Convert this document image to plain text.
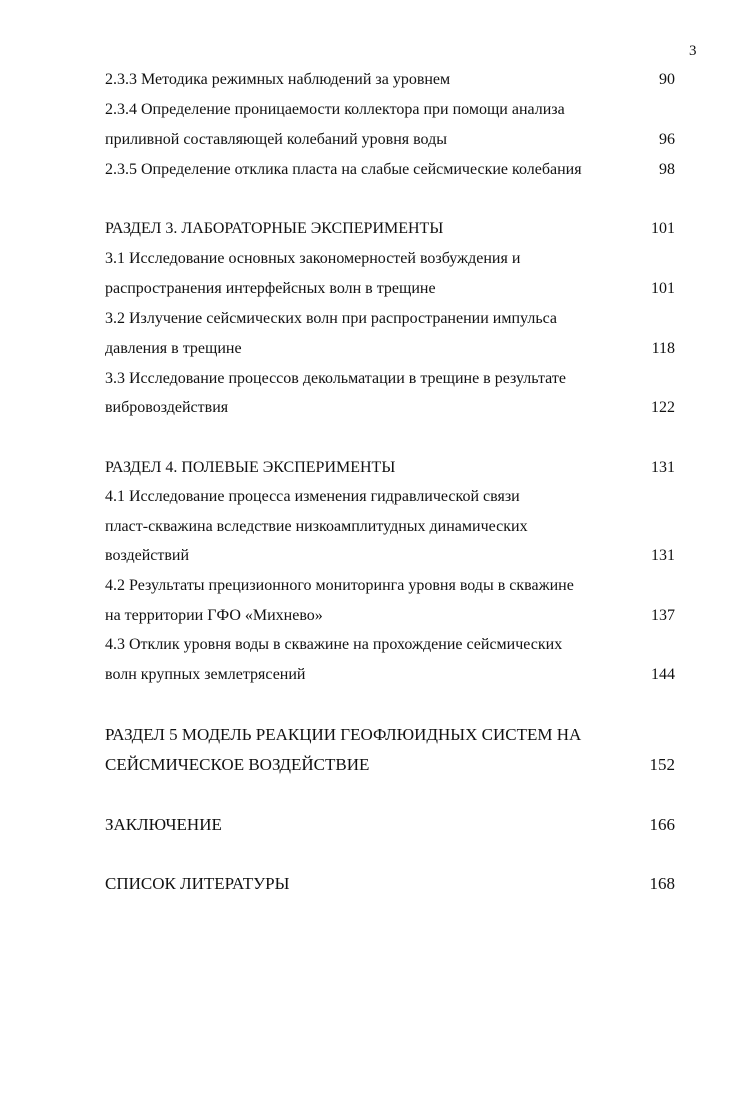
3
2.3.3 Методика режимных наблюдений за уровнем	90
2.3.4 Определение проницаемости коллектора при помощи анализа
приливной составляющей колебаний уровня воды	96
2.3.5 Определение отклика пласта на слабые сейсмические колебания	98
РАЗДЕЛ 3. ЛАБОРАТОРНЫЕ ЭКСПЕРИМЕНТЫ	101
3.1 Исследование основных закономерностей возбуждения и
распространения интерфейсных волн в трещине	101
3.2 Излучение сейсмических волн при распространении импульса
давления в трещине	118
3.3 Исследование процессов декольматации в трещине в результате
вибровоздействия	122
РАЗДЕЛ 4. ПОЛЕВЫЕ ЭКСПЕРИМЕНТЫ	131
4.1 Исследование процесса изменения гидравлической связи
пласт-скважина вследствие низкоамплитудных динамических
воздействий	131
4.2 Результаты прецизионного мониторинга уровня воды в скважине
на территории ГФО «Михнево»	137
4.3 Отклик уровня воды в скважине на прохождение сейсмических
волн крупных землетрясений	144
РАЗДЕЛ 5 МОДЕЛЬ РЕАКЦИИ ГЕОФЛЮИДНЫХ СИСТЕМ НА
СЕЙСМИЧЕСКОЕ ВОЗДЕЙСТВИЕ	152
ЗАКЛЮЧЕНИЕ	166
СПИСОК ЛИТЕРАТУРЫ	168
